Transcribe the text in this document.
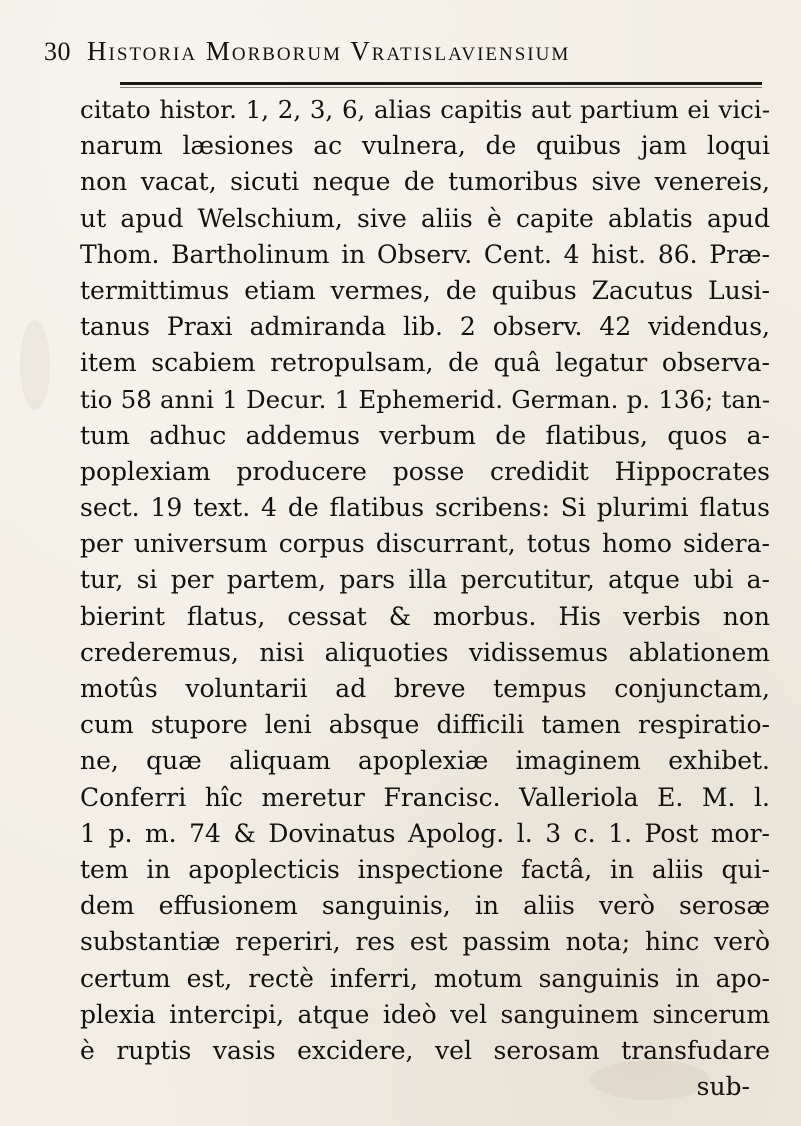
30 Historia Morborum Vratislaviensium
citato histor. 1, 2, 3, 6, alias capitis aut partium ei vici-
narum læsiones ac vulnera, de quibus jam loqui
non vacat, sicuti neque de tumoribus sive venereis,
ut apud Welschium, sive aliis è capite ablatis apud
Thom. Bartholinum in Observ. Cent. 4 hist. 86. Præ-
termittimus etiam vermes, de quibus Zacutus Lusi-
tanus Praxi admiranda lib. 2 observ. 42 videndus,
item scabiem retropulsam, de quâ legatur observa-
tio 58 anni 1 Decur. 1 Ephemerid. German. p. 136; tan-
tum adhuc addemus verbum de flatibus, quos a-
poplexiam producere posse credidit Hippocrates
sect. 19 text. 4 de flatibus scribens: Si plurimi flatus
per universum corpus discurrant, totus homo sidera-
tur, si per partem, pars illa percutitur, atque ubi a-
bierint flatus, cessat & morbus. His verbis non
crederemus, nisi aliquoties vidissemus ablationem
motûs voluntarii ad breve tempus conjunctam,
cum stupore leni absque difficili tamen respiratio-
ne, quæ aliquam apoplexiæ imaginem exhibet.
Conferri hîc meretur Francisc. Valleriola E. M. l.
1 p. m. 74 & Dovinatus Apolog. l. 3 c. 1. Post mor-
tem in apoplecticis inspectione factâ, in aliis qui-
dem effusionem sanguinis, in aliis verò serosæ
substantiæ reperiri, res est passim nota; hinc verò
certum est, rectè inferri, motum sanguinis in apo-
plexia intercipi, atque ideò vel sanguinem sincerum
è ruptis vasis excidere, vel serosam transfudare
sub-
